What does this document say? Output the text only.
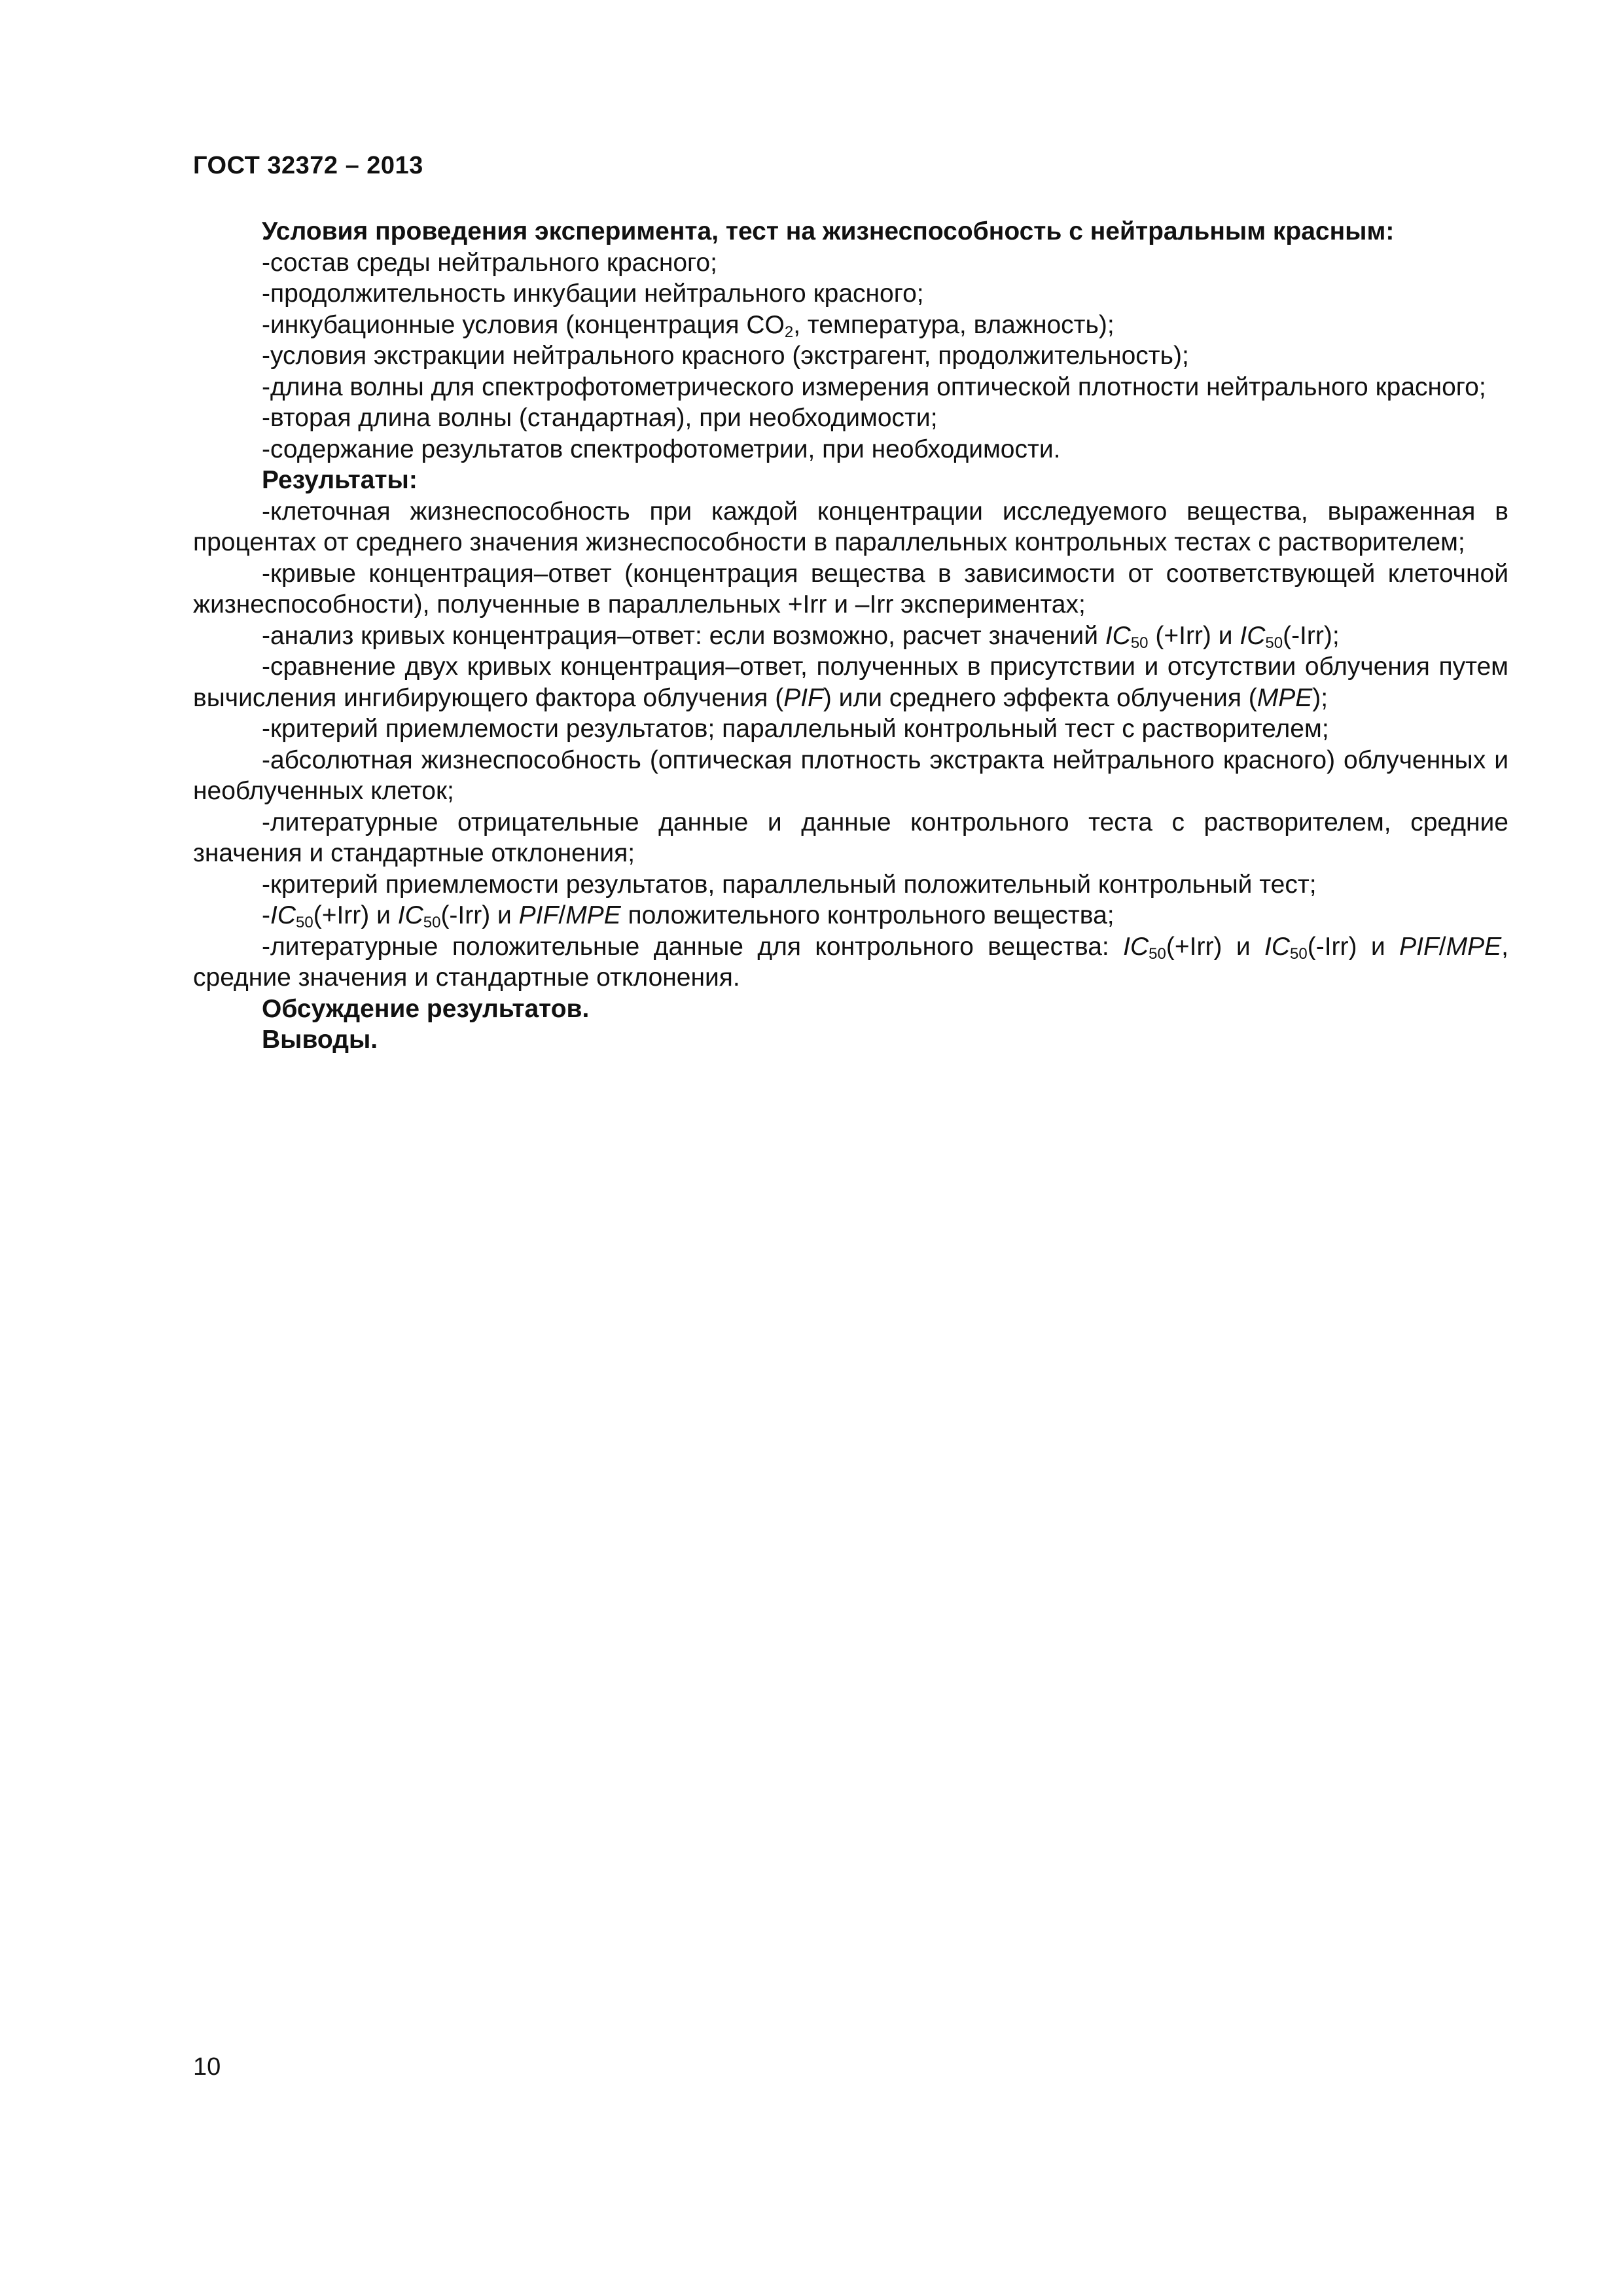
ГОСТ 32372 – 2013

Условия проведения эксперимента, тест на жизнеспособность с нейтральным красным:

-состав среды нейтрального красного;

-продолжительность инкубации нейтрального красного;

-инкубационные условия (концентрация $CO_2$, температура, влажность);

-условия экстракции нейтрального красного (экстрагент, продолжительность);

-длина волны для спектрофотометрического измерения оптической плотности нейтрального красного;

-вторая длина волны (стандартная), при необходимости;

-содержание результатов спектрофотометрии, при необходимости.

Результаты:

-клеточная жизнеспособность при каждой концентрации исследуемого вещества, выраженная в процентах от среднего значения жизнеспособности в параллельных контрольных тестах с растворителем;

-кривые концентрация–ответ (концентрация вещества в зависимости от соответствующей клеточной жизнеспособности), полученные в параллельных +Irr и –Irr экспериментах;

-анализ кривых концентрация–ответ: если возможно, расчет значений $IC_{50}$ (+Irr) и $IC_{50}(-Irr)$;

-сравнение двух кривых концентрация–ответ, полученных в присутствии и отсутствии облучения путем вычисления ингибирующего фактора облучения (PIF) или среднего эффекта облучения (MPE);

-критерий приемлемости результатов; параллельный контрольный тест с растворителем;

-абсолютная жизнеспособность (оптическая плотность экстракта нейтрального красного) облученных и необлученных клеток;

-литературные отрицательные данные и данные контрольного теста с растворителем, средние значения и стандартные отклонения;

-критерий приемлемости результатов, параллельный положительный контрольный тест;

$-IC_{50}(+Irr)$ и $IC_{50}(-Irr)$ и PIF/MPE положительного контрольного вещества;

-литературные положительные данные для контрольного вещества: $IC_{50}(+Irr)$ и $IC_{50}(-Irr)$ и PIF/MPE, средние значения и стандартные отклонения.

Обсуждение результатов.

Выводы.

10
